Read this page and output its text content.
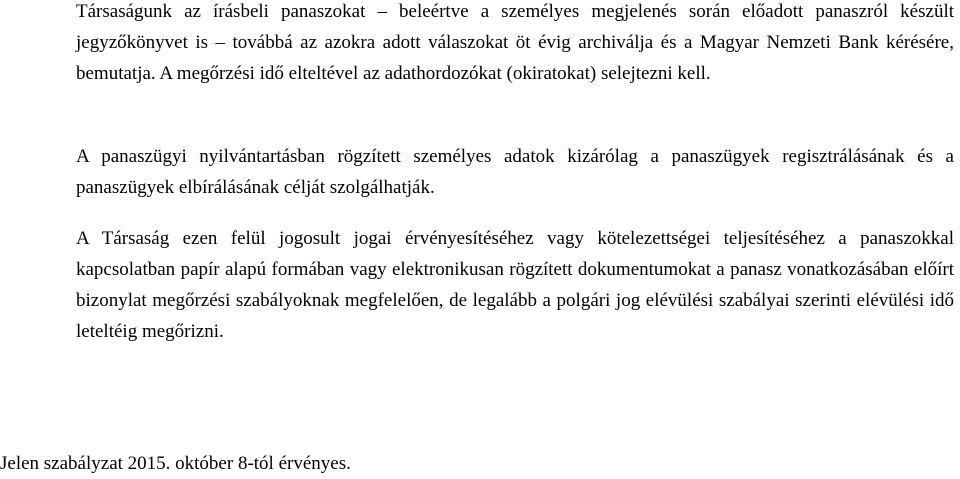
Társaságunk az írásbeli panaszokat – beleértve a személyes megjelenés során előadott panaszról készült jegyzőkönyvet is – továbbá az azokra adott válaszokat öt évig archiválja és a Magyar Nemzeti Bank kérésére, bemutatja. A megőrzési idő elteltével az adathordozókat (okiratokat) selejtezni kell.

A panaszügyi nyilvántartásban rögzített személyes adatok kizárólag a panaszügyek regisztrálásának és a panaszügyek elbírálásának célját szolgálhatják.

A Társaság ezen felül jogosult jogai érvényesítéséhez vagy kötelezettségei teljesítéséhez a panaszokkal kapcsolatban papír alapú formában vagy elektronikusan rögzített dokumentumokat a panasz vonatkozásában előírt bizonylat megőrzési szabályoknak megfelelően, de legalább a polgári jog elévülési szabályai szerinti elévülési idő leteltéig megőrizni.

Jelen szabályzat 2015. október 8-tól érvényes.
